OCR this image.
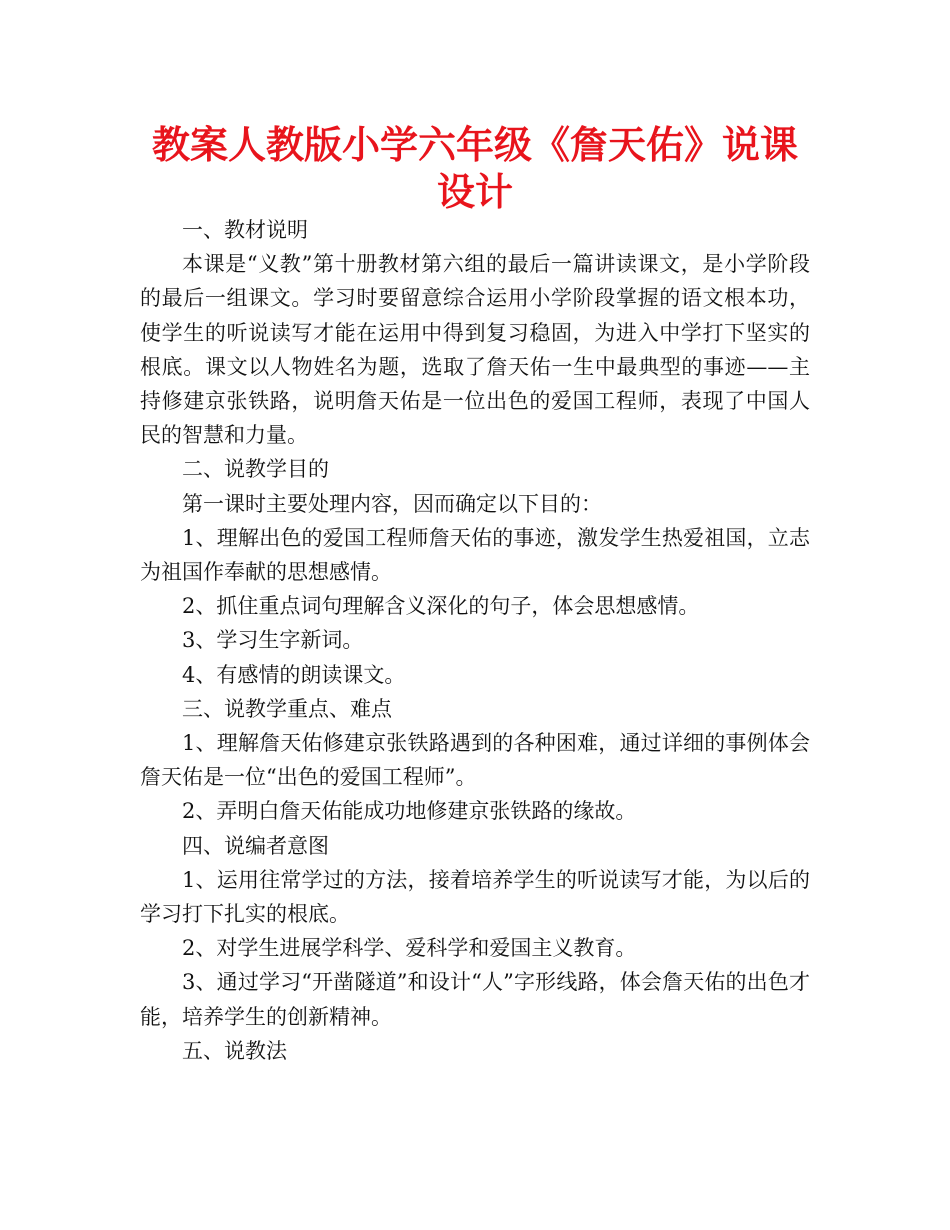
教案人教版小学六年级《詹天佑》说课设计

一、教材说明

本课是“义教”第十册教材第六组的最后一篇讲读课文，是小学阶段的最后一组课文。学习时要留意综合运用小学阶段掌握的语文根本功，使学生的听说读写才能在运用中得到复习稳固，为进入中学打下坚实的根底。课文以人物姓名为题，选取了詹天佑一生中最典型的事迹——主持修建京张铁路，说明詹天佑是一位出色的爱国工程师，表现了中国人民的智慧和力量。

二、说教学目的

第一课时主要处理内容，因而确定以下目的：

1、理解出色的爱国工程师詹天佑的事迹，激发学生热爱祖国，立志为祖国作奉献的思想感情。

2、抓住重点词句理解含义深化的句子，体会思想感情。

3、学习生字新词。

4、有感情的朗读课文。

三、说教学重点、难点

1、理解詹天佑修建京张铁路遇到的各种困难，通过详细的事例体会詹天佑是一位“出色的爱国工程师”。

2、弄明白詹天佑能成功地修建京张铁路的缘故。

四、说编者意图

1、运用往常学过的方法，接着培养学生的听说读写才能，为以后的学习打下扎实的根底。

2、对学生进展学科学、爱科学和爱国主义教育。

3、通过学习“开凿隧道”和设计“人”字形线路，体会詹天佑的出色才能，培养学生的创新精神。

五、说教法
